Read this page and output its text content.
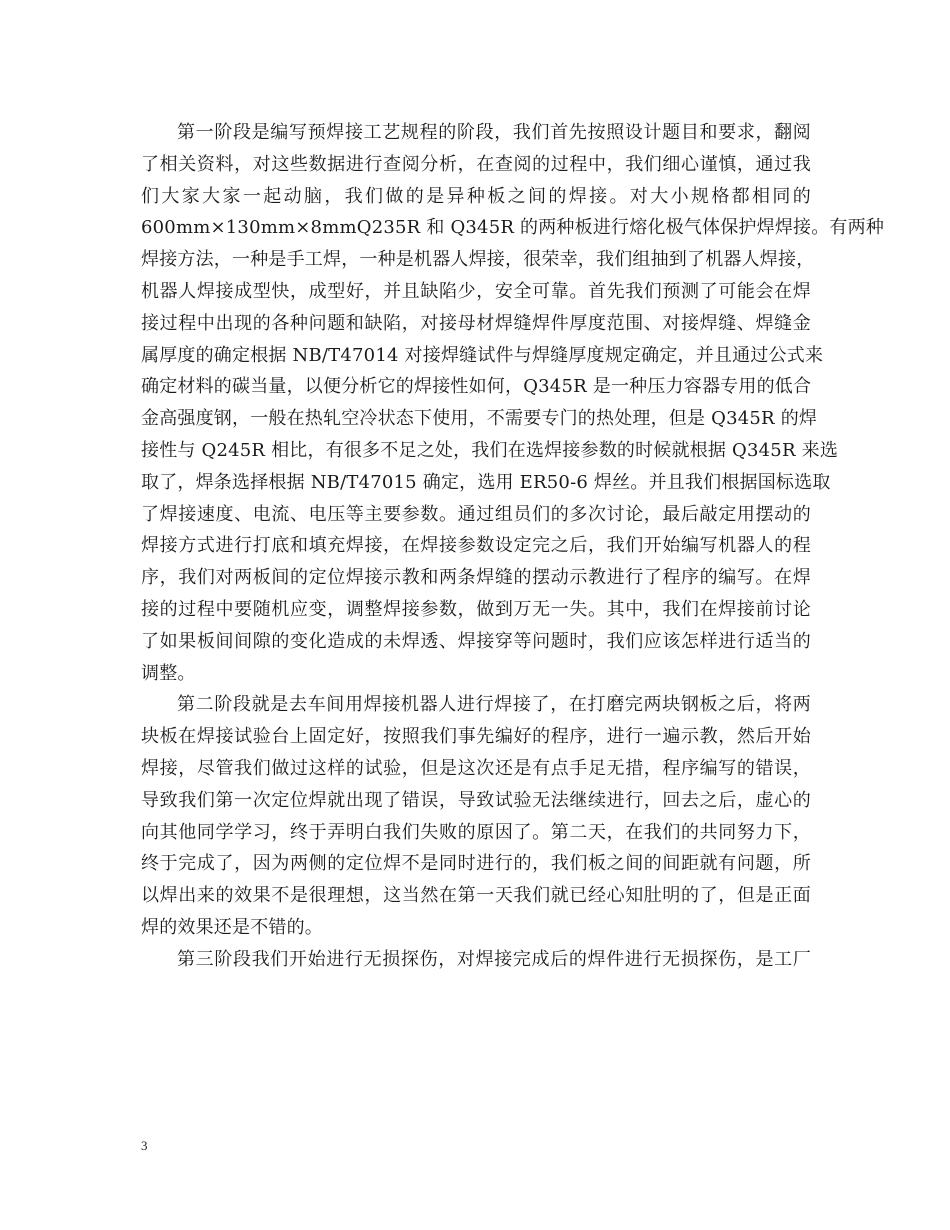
第一阶段是编写预焊接工艺规程的阶段，我们首先按照设计题目和要求，翻阅
了相关资料，对这些数据进行查阅分析，在查阅的过程中，我们细心谨慎，通过我
们大家大家一起动脑，我们做的是异种板之间的焊接。对大小规格都相同的
600mm×130mm×8mmQ235R 和 Q345R 的两种板进行熔化极气体保护焊焊接。有两种
焊接方法，一种是手工焊，一种是机器人焊接，很荣幸，我们组抽到了机器人焊接，
机器人焊接成型快，成型好，并且缺陷少，安全可靠。首先我们预测了可能会在焊
接过程中出现的各种问题和缺陷，对接母材焊缝焊件厚度范围、对接焊缝、焊缝金
属厚度的确定根据 NB/T47014 对接焊缝试件与焊缝厚度规定确定，并且通过公式来
确定材料的碳当量，以便分析它的焊接性如何，Q345R 是一种压力容器专用的低合
金高强度钢，一般在热轧空冷状态下使用，不需要专门的热处理，但是 Q345R 的焊
接性与 Q245R 相比，有很多不足之处，我们在选焊接参数的时候就根据 Q345R 来选
取了，焊条选择根据 NB/T47015 确定，选用 ER50-6 焊丝。并且我们根据国标选取
了焊接速度、电流、电压等主要参数。通过组员们的多次讨论，最后敲定用摆动的
焊接方式进行打底和填充焊接，在焊接参数设定完之后，我们开始编写机器人的程
序，我们对两板间的定位焊接示教和两条焊缝的摆动示教进行了程序的编写。在焊
接的过程中要随机应变，调整焊接参数，做到万无一失。其中，我们在焊接前讨论
了如果板间间隙的变化造成的未焊透、焊接穿等问题时，我们应该怎样进行适当的
调整。
第二阶段就是去车间用焊接机器人进行焊接了，在打磨完两块钢板之后，将两
块板在焊接试验台上固定好，按照我们事先编好的程序，进行一遍示教，然后开始
焊接，尽管我们做过这样的试验，但是这次还是有点手足无措，程序编写的错误，
导致我们第一次定位焊就出现了错误，导致试验无法继续进行，回去之后，虚心的
向其他同学学习，终于弄明白我们失败的原因了。第二天，在我们的共同努力下，
终于完成了，因为两侧的定位焊不是同时进行的，我们板之间的间距就有问题，所
以焊出来的效果不是很理想，这当然在第一天我们就已经心知肚明的了，但是正面
焊的效果还是不错的。
第三阶段我们开始进行无损探伤，对焊接完成后的焊件进行无损探伤，是工厂
3
